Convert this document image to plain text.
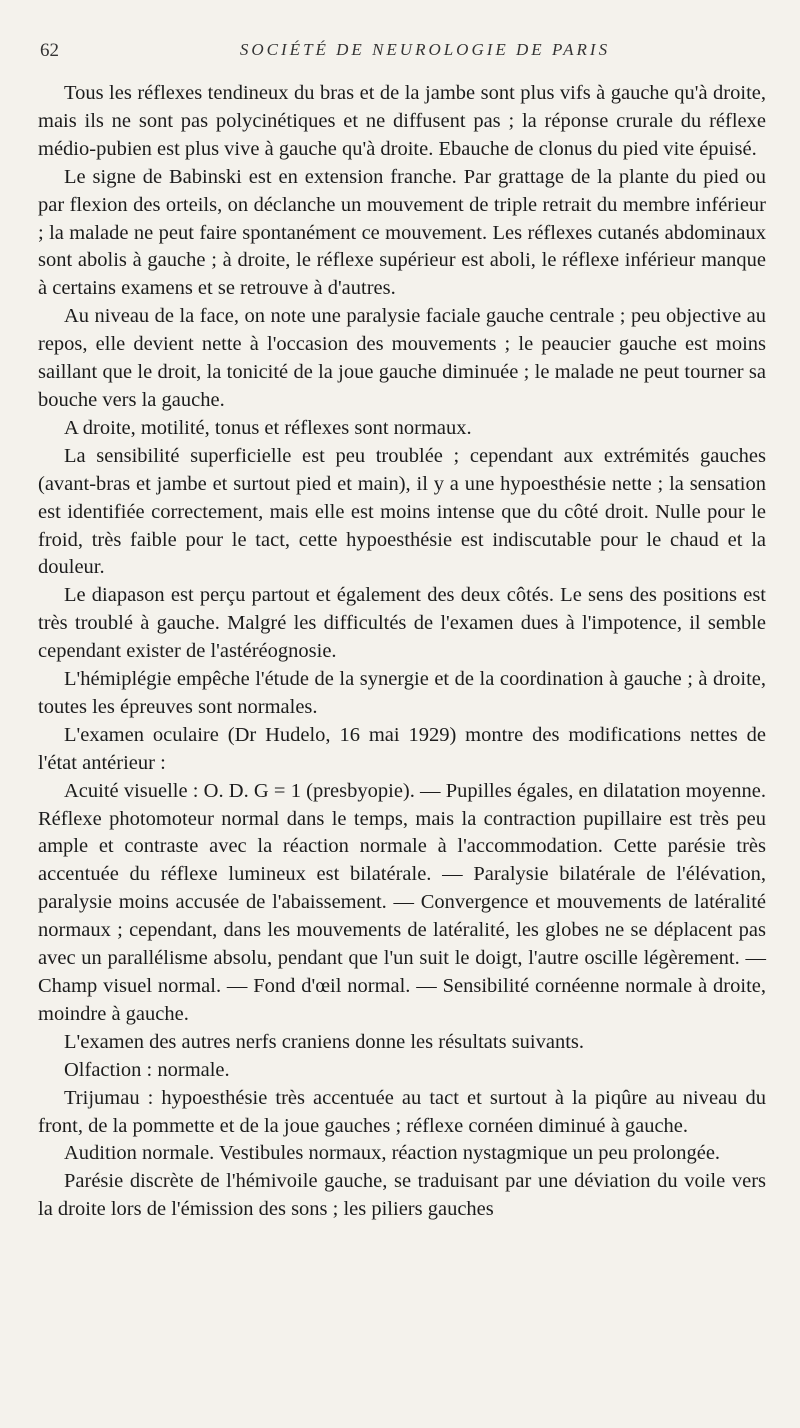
62	SOCIÉTÉ DE NEUROLOGIE DE PARIS

Tous les réflexes tendineux du bras et de la jambe sont plus vifs à gauche qu'à droite, mais ils ne sont pas polycinétiques et ne diffusent pas ; la réponse crurale du réflexe médio-pubien est plus vive à gauche qu'à droite. Ebauche de clonus du pied vite épuisé.

Le signe de Babinski est en extension franche. Par grattage de la plante du pied ou par flexion des orteils, on déclanche un mouvement de triple retrait du membre inférieur ; la malade ne peut faire spontanément ce mouvement. Les réflexes cutanés abdominaux sont abolis à gauche ; à droite, le réflexe supérieur est aboli, le réflexe inférieur manque à certains examens et se retrouve à d'autres.

Au niveau de la face, on note une paralysie faciale gauche centrale ; peu objective au repos, elle devient nette à l'occasion des mouvements ; le peaucier gauche est moins saillant que le droit, la tonicité de la joue gauche diminuée ; le malade ne peut tourner sa bouche vers la gauche.

A droite, motilité, tonus et réflexes sont normaux.

La sensibilité superficielle est peu troublée ; cependant aux extrémités gauches (avant-bras et jambe et surtout pied et main), il y a une hypoesthésie nette ; la sensation est identifiée correctement, mais elle est moins intense que du côté droit. Nulle pour le froid, très faible pour le tact, cette hypoesthésie est indiscutable pour le chaud et la douleur.

Le diapason est perçu partout et également des deux côtés. Le sens des positions est très troublé à gauche. Malgré les difficultés de l'examen dues à l'impotence, il semble cependant exister de l'astéréognosie.

L'hémiplégie empêche l'étude de la synergie et de la coordination à gauche ; à droite, toutes les épreuves sont normales.

L'examen oculaire (Dr Hudelo, 16 mai 1929) montre des modifications nettes de l'état antérieur :

Acuité visuelle : O. D. G = 1 (presbyopie). — Pupilles égales, en dilatation moyenne. Réflexe photomoteur normal dans le temps, mais la contraction pupillaire est très peu ample et contraste avec la réaction normale à l'accommodation. Cette parésie très accentuée du réflexe lumineux est bilatérale. — Paralysie bilatérale de l'élévation, paralysie moins accusée de l'abaissement. — Convergence et mouvements de latéralité normaux ; cependant, dans les mouvements de latéralité, les globes ne se déplacent pas avec un parallélisme absolu, pendant que l'un suit le doigt, l'autre oscille légèrement. — Champ visuel normal. — Fond d'œil normal. — Sensibilité cornéenne normale à droite, moindre à gauche.

L'examen des autres nerfs craniens donne les résultats suivants.

Olfaction : normale.

Trijumau : hypoesthésie très accentuée au tact et surtout à la piqûre au niveau du front, de la pommette et de la joue gauches ; réflexe cornéen diminué à gauche.

Audition normale. Vestibules normaux, réaction nystagmique un peu prolongée.

Parésie discrète de l'hémivoile gauche, se traduisant par une déviation du voile vers la droite lors de l'émission des sons ; les piliers gauches
